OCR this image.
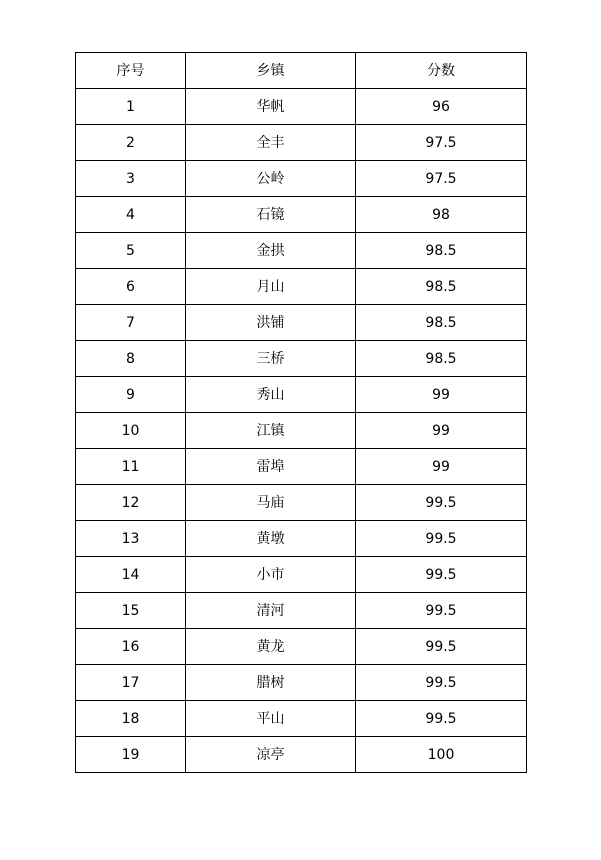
序号	乡镇	分数
1	华帆	96
2	全丰	97.5
3	公岭	97.5
4	石镜	98
5	金拱	98.5
6	月山	98.5
7	洪铺	98.5
8	三桥	98.5
9	秀山	99
10	江镇	99
11	雷埠	99
12	马庙	99.5
13	黄墩	99.5
14	小市	99.5
15	清河	99.5
16	黄龙	99.5
17	腊树	99.5
18	平山	99.5
19	凉亭	100
